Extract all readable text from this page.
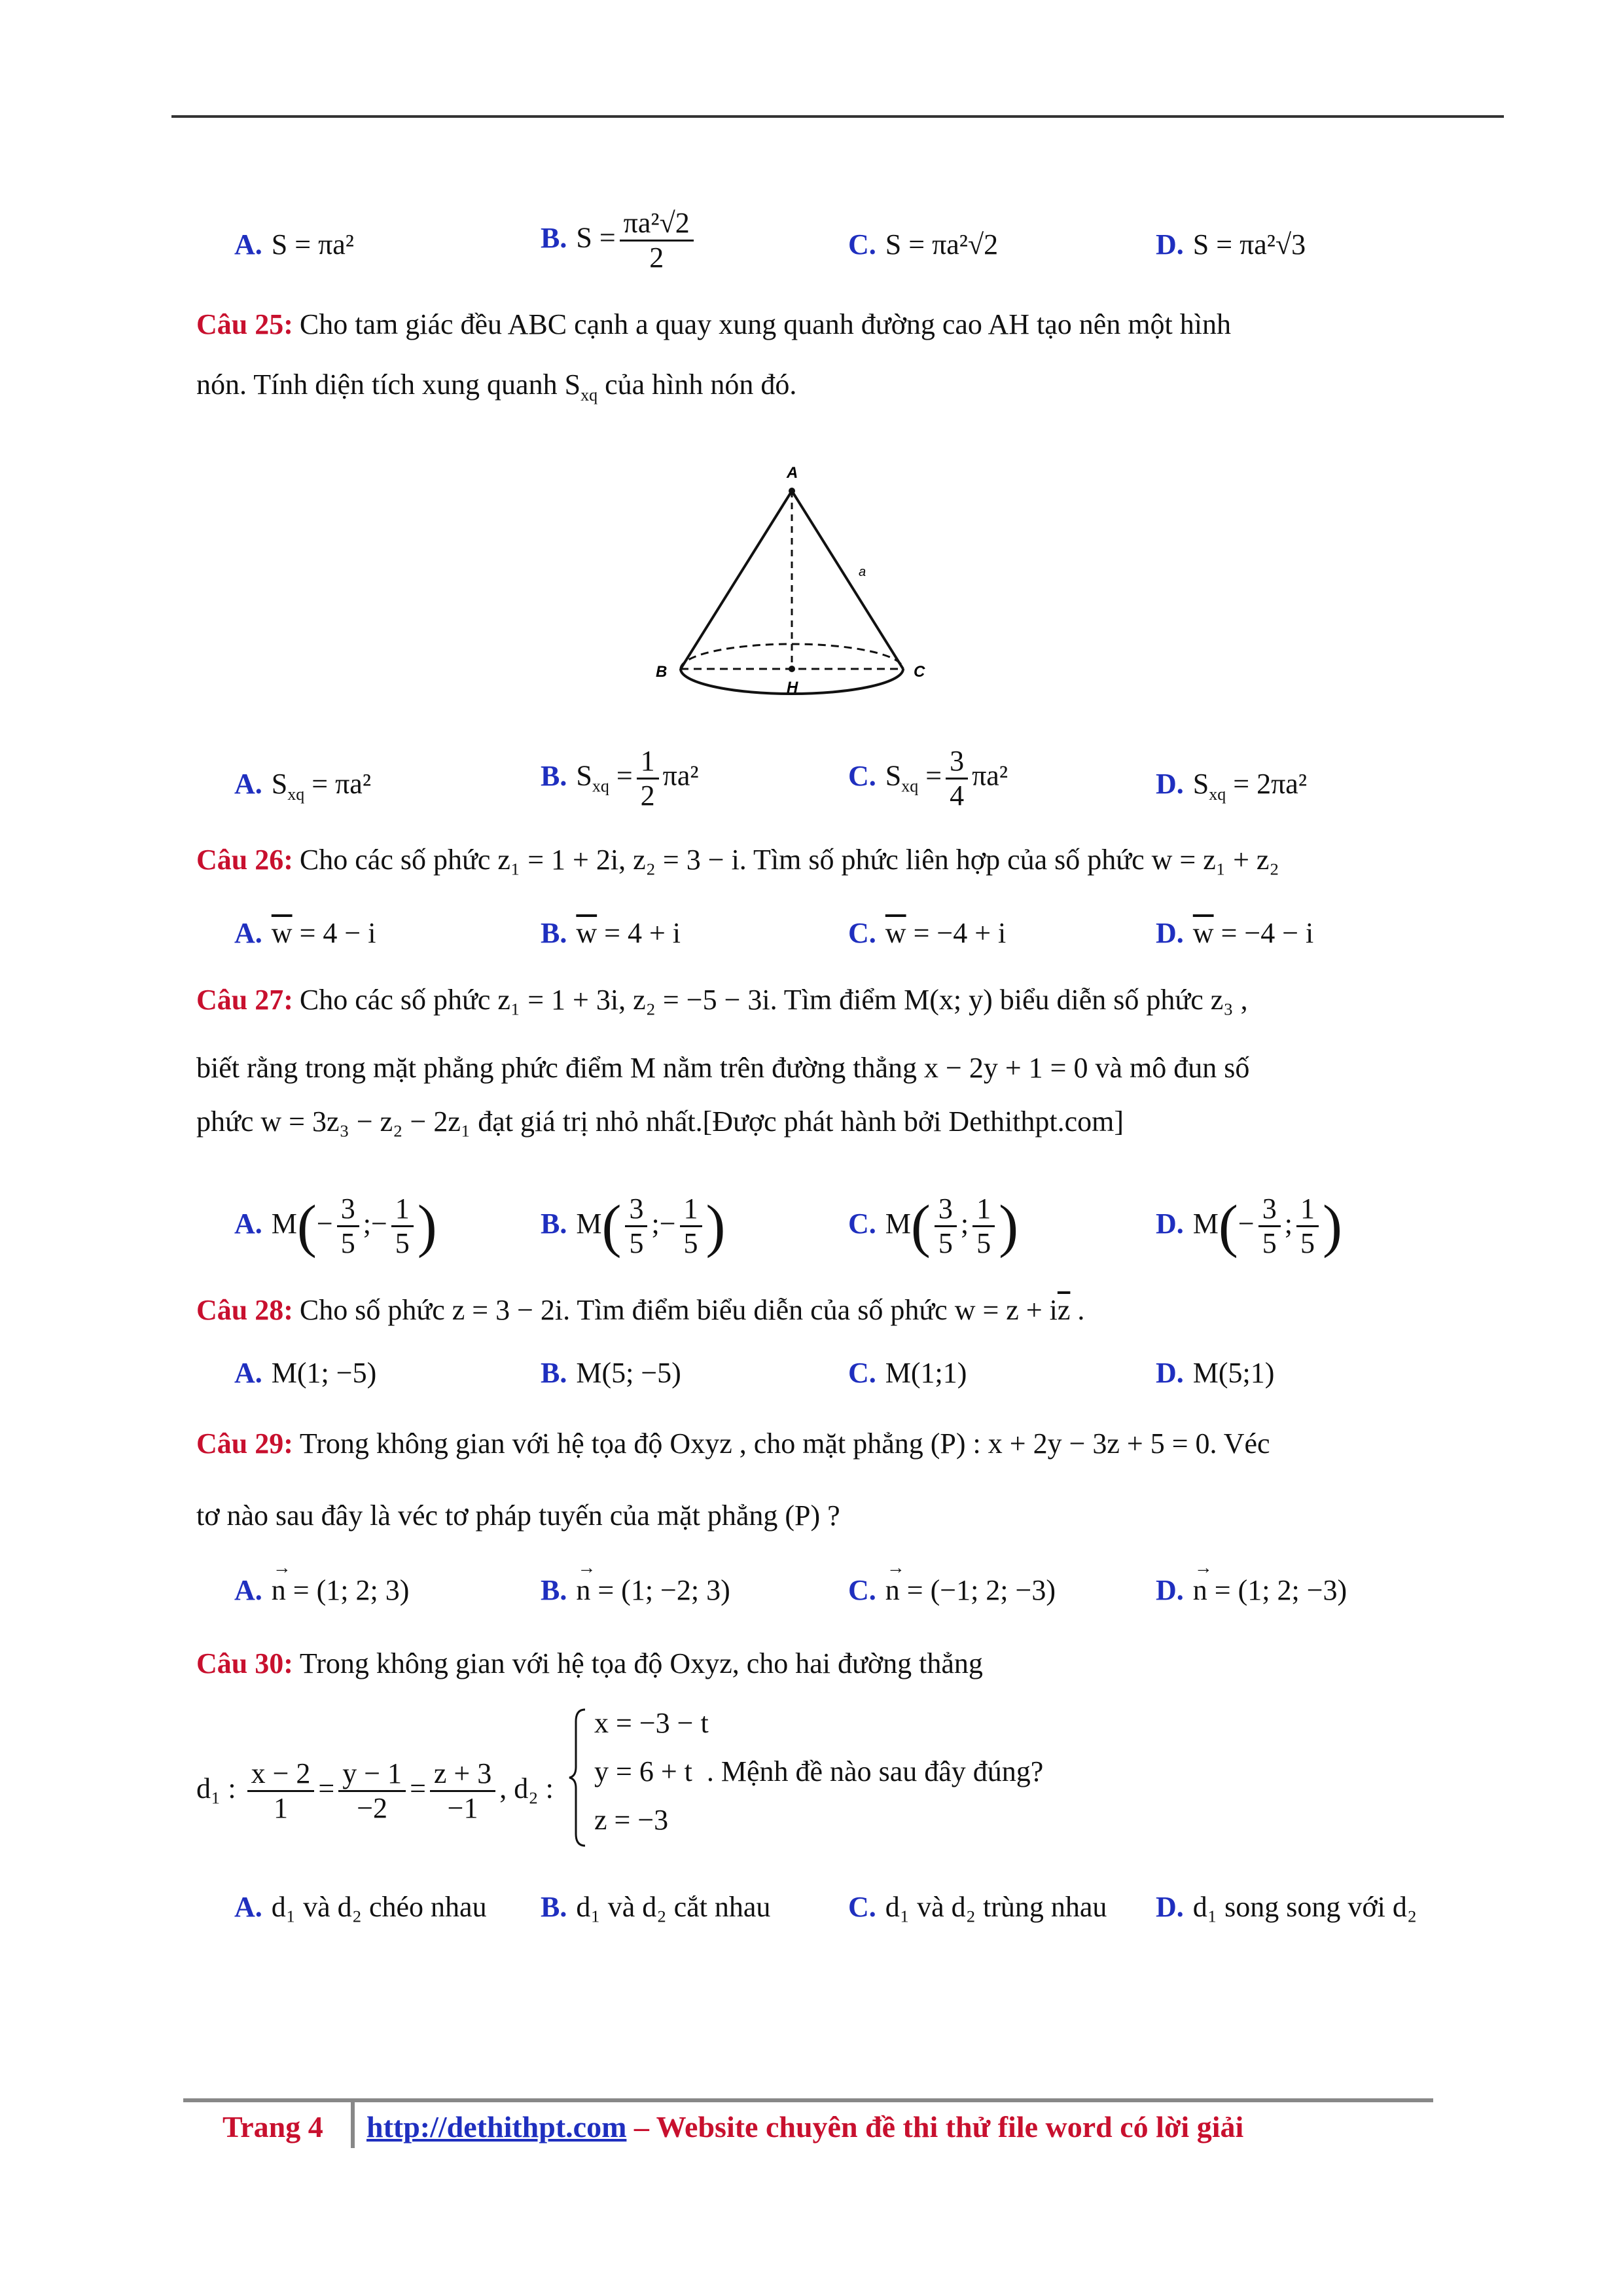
A. S = πa²	B. $S = \frac{\text{πa²√2}}{2}$	C. S = πa²√2	D. S = πa²√3
Câu 25: Cho tam giác đều ABC cạnh a quay xung quanh đường cao AH tạo nên một hình
nón. Tính diện tích xung quanh $S_{xq}$ của hình nón đó.
A
B	C
H
a
A. $S_{xq} = \pi a^2$	B. $S_{xq} = \frac{1}{2} \pi a^2$	C. $S_{xq} = \frac{3}{4} \pi a^2$	D. $S_{xq} = 2\pi a^2$
Câu 26: Cho các số phức z₁ = 1 + 2i, z₂ = 3 − i. Tìm số phức liên hợp của số phức w = z₁ + z₂
A. $\overline{w} = 4 - i$	B. $\overline{w} = 4 + i$	C. $\overline{w} = -4 + i$	D. $\overline{w} = -4 - i$
Câu 27: Cho các số phức z₁ = 1 + 3i, z₂ = −5 − 3i. Tìm điểm M(x; y) biểu diễn số phức z₃ ,
biết rằng trong mặt phẳng phức điểm M nằm trên đường thẳng x − 2y + 1 = 0 và mô đun số
phức w = 3z₃ − z₂ − 2z₁ đạt giá trị nhỏ nhất.[Được phát hành bởi Dethithpt.com]
A. $M(- \frac{3}{5}$ ;− $\frac{1}{5}$ )	B. $M( \frac{3}{5}$ ;− $\frac{1}{5}$ )	C. $M( \frac{3}{5}$ ; $\frac{1}{5}$ )	D. $M(- \frac{3}{5}$ ; $\frac{1}{5}$ )
Câu 28: Cho số phức z = 3 − 2i. Tìm điểm biểu diễn của số phức $w = z + i\overline{z}$ .
A. M(1; −5)	B. M(5; −5)	C. M(1;1)	D. M(5;1)
Câu 29: Trong không gian với hệ tọa độ Oxyz , cho mặt phẳng (P) : x + 2y − 3z + 5 = 0. Véc
tơ nào sau đây là véc tơ pháp tuyến của mặt phẳng (P) ?
A. → n = (1; 2; 3)	B. → n = (1; −2; 3)	C. → n = (−1; 2; −3)	D. → n = (1; 2; −3)
Câu 30: Trong không gian với hệ tọa độ Oxyz, cho hai đường thẳng
d₁ : $\frac{x - 2}{1} = \frac{y - 1}{-2} = \frac{z + 3}{-1}$ , d₂ :
x = −3 − t
y = 6 + t . Mệnh đề nào sau đây đúng?
z = −3
A. d₁ và d₂ chéo nhau B. d₁ và d₂ cắt nhau	C. d₁ và d₂ trùng nhau D. d₁ song song với d₂
Trang 4 http://dethithpt.com – Website chuyên đề thi thử file word có lời giải
